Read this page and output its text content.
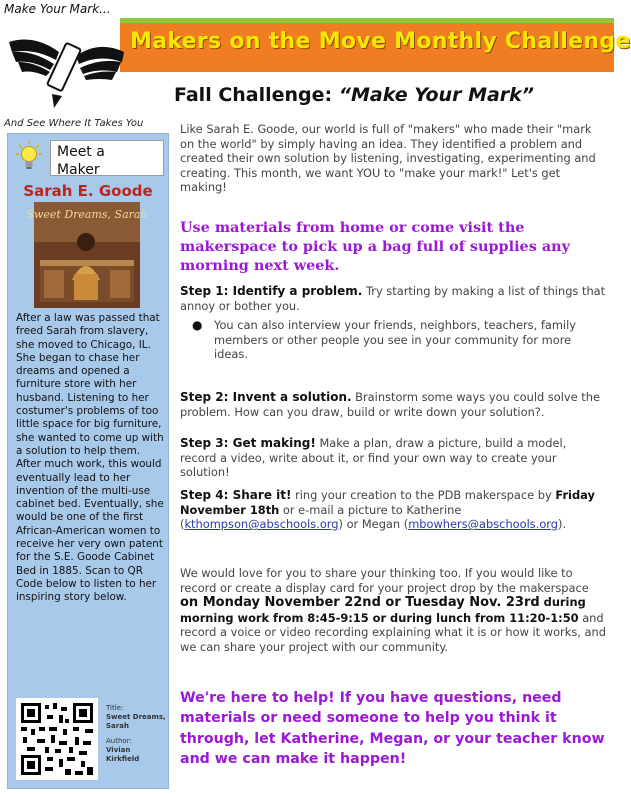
Make Your Mark...
Makers on the Move Monthly Challenge
Fall Challenge: “Make Your Mark”
And See Where It Takes You
Meet a
Maker
Sarah E. Goode
Sweet Dreams, Sarah
After a law was passed that freed Sarah from slavery, she moved to Chicago, IL. She began to chase her dreams and opened a furniture store with her husband. Listening to her costumer's problems of too little space for big furniture, she wanted to come up with a solution to help them. After much work, this would eventually lead to her invention of the multi-use cabinet bed. Eventually, she would be one of the first African-American women to receive her very own patent for the S.E. Goode Cabinet Bed in 1885. Scan to QR Code below to listen to her inspiring story below.
Title:
Sweet Dreams, Sarah
Author:
Vivian Kirkfield
Like Sarah E. Goode, our world is full of "makers" who made their "mark on the world" by simply having an idea. They identified a problem and created their own solution by listening, investigating, experimenting and creating. This month, we want YOU to "make your mark!" Let's get making!
Use materials from home or come visit the makerspace to pick up a bag full of supplies any morning next week.
Step 1: Identify a problem. Try starting by making a list of things that annoy or bother you.
● You can also interview your friends, neighbors, teachers, family members or other people you see in your community for more ideas.
Step 2: Invent a solution. Brainstorm some ways you could solve the problem. How can you draw, build or write down your solution?.
Step 3: Get making! Make a plan, draw a picture, build a model, record a video, write about it, or find your own way to create your solution!
Step 4: Share it! ring your creation to the PDB makerspace by Friday November 18th or e-mail a picture to Katherine (kthompson@abschools.org) or Megan (mbowhers@abschools.org).
We would love for you to share your thinking too. If you would like to record or create a display card for your project drop by the makerspace on Monday November 22nd or Tuesday Nov. 23rd during morning work from 8:45-9:15 or during lunch from 11:20-1:50 and record a voice or video recording explaining what it is or how it works, and we can share your project with our community.
We're here to help! If you have questions, need materials or need someone to help you think it through, let Katherine, Megan, or your teacher know and we can make it happen!
